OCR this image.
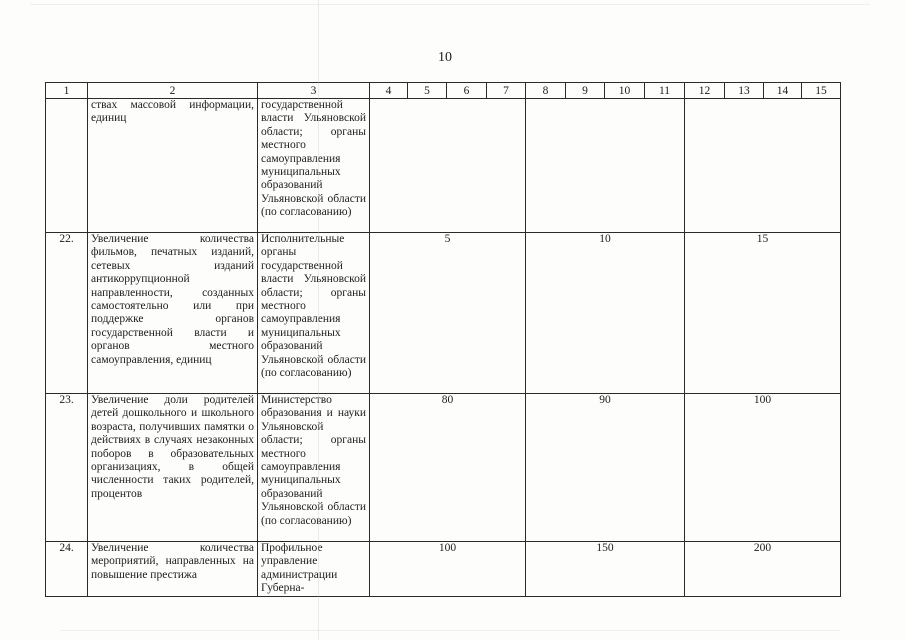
10
1	2	3	4	5	6	7	8	9	10	11	12	13	14	15
	ствах массовой информации, единиц	государственной власти Ульяновской области; органы местного самоуправления муниципальных образований Ульяновской области (по согласованию)												
22.	Увеличение количества фильмов, печатных изданий, сетевых изданий антикоррупционной направленности, созданных самостоятельно или при поддержке органов государственной власти и органов местного самоуправления, единиц	Исполнительные органы государственной власти Ульяновской области; органы местного самоуправления муниципальных образований Ульяновской области (по согласованию)	5				10				15			
23.	Увеличение доли родителей детей дошкольного и школьного возраста, получивших памятки о действиях в случаях незаконных поборов в образовательных организациях, в общей численности таких родителей, процентов	Министерство образования и науки Ульяновской области; органы местного самоуправления муниципальных образований Ульяновской области (по согласованию)	80				90				100			
24.	Увеличение количества мероприятий, направленных на повышение престижа	Профильное управление администрации Губерна-	100				150				200			
